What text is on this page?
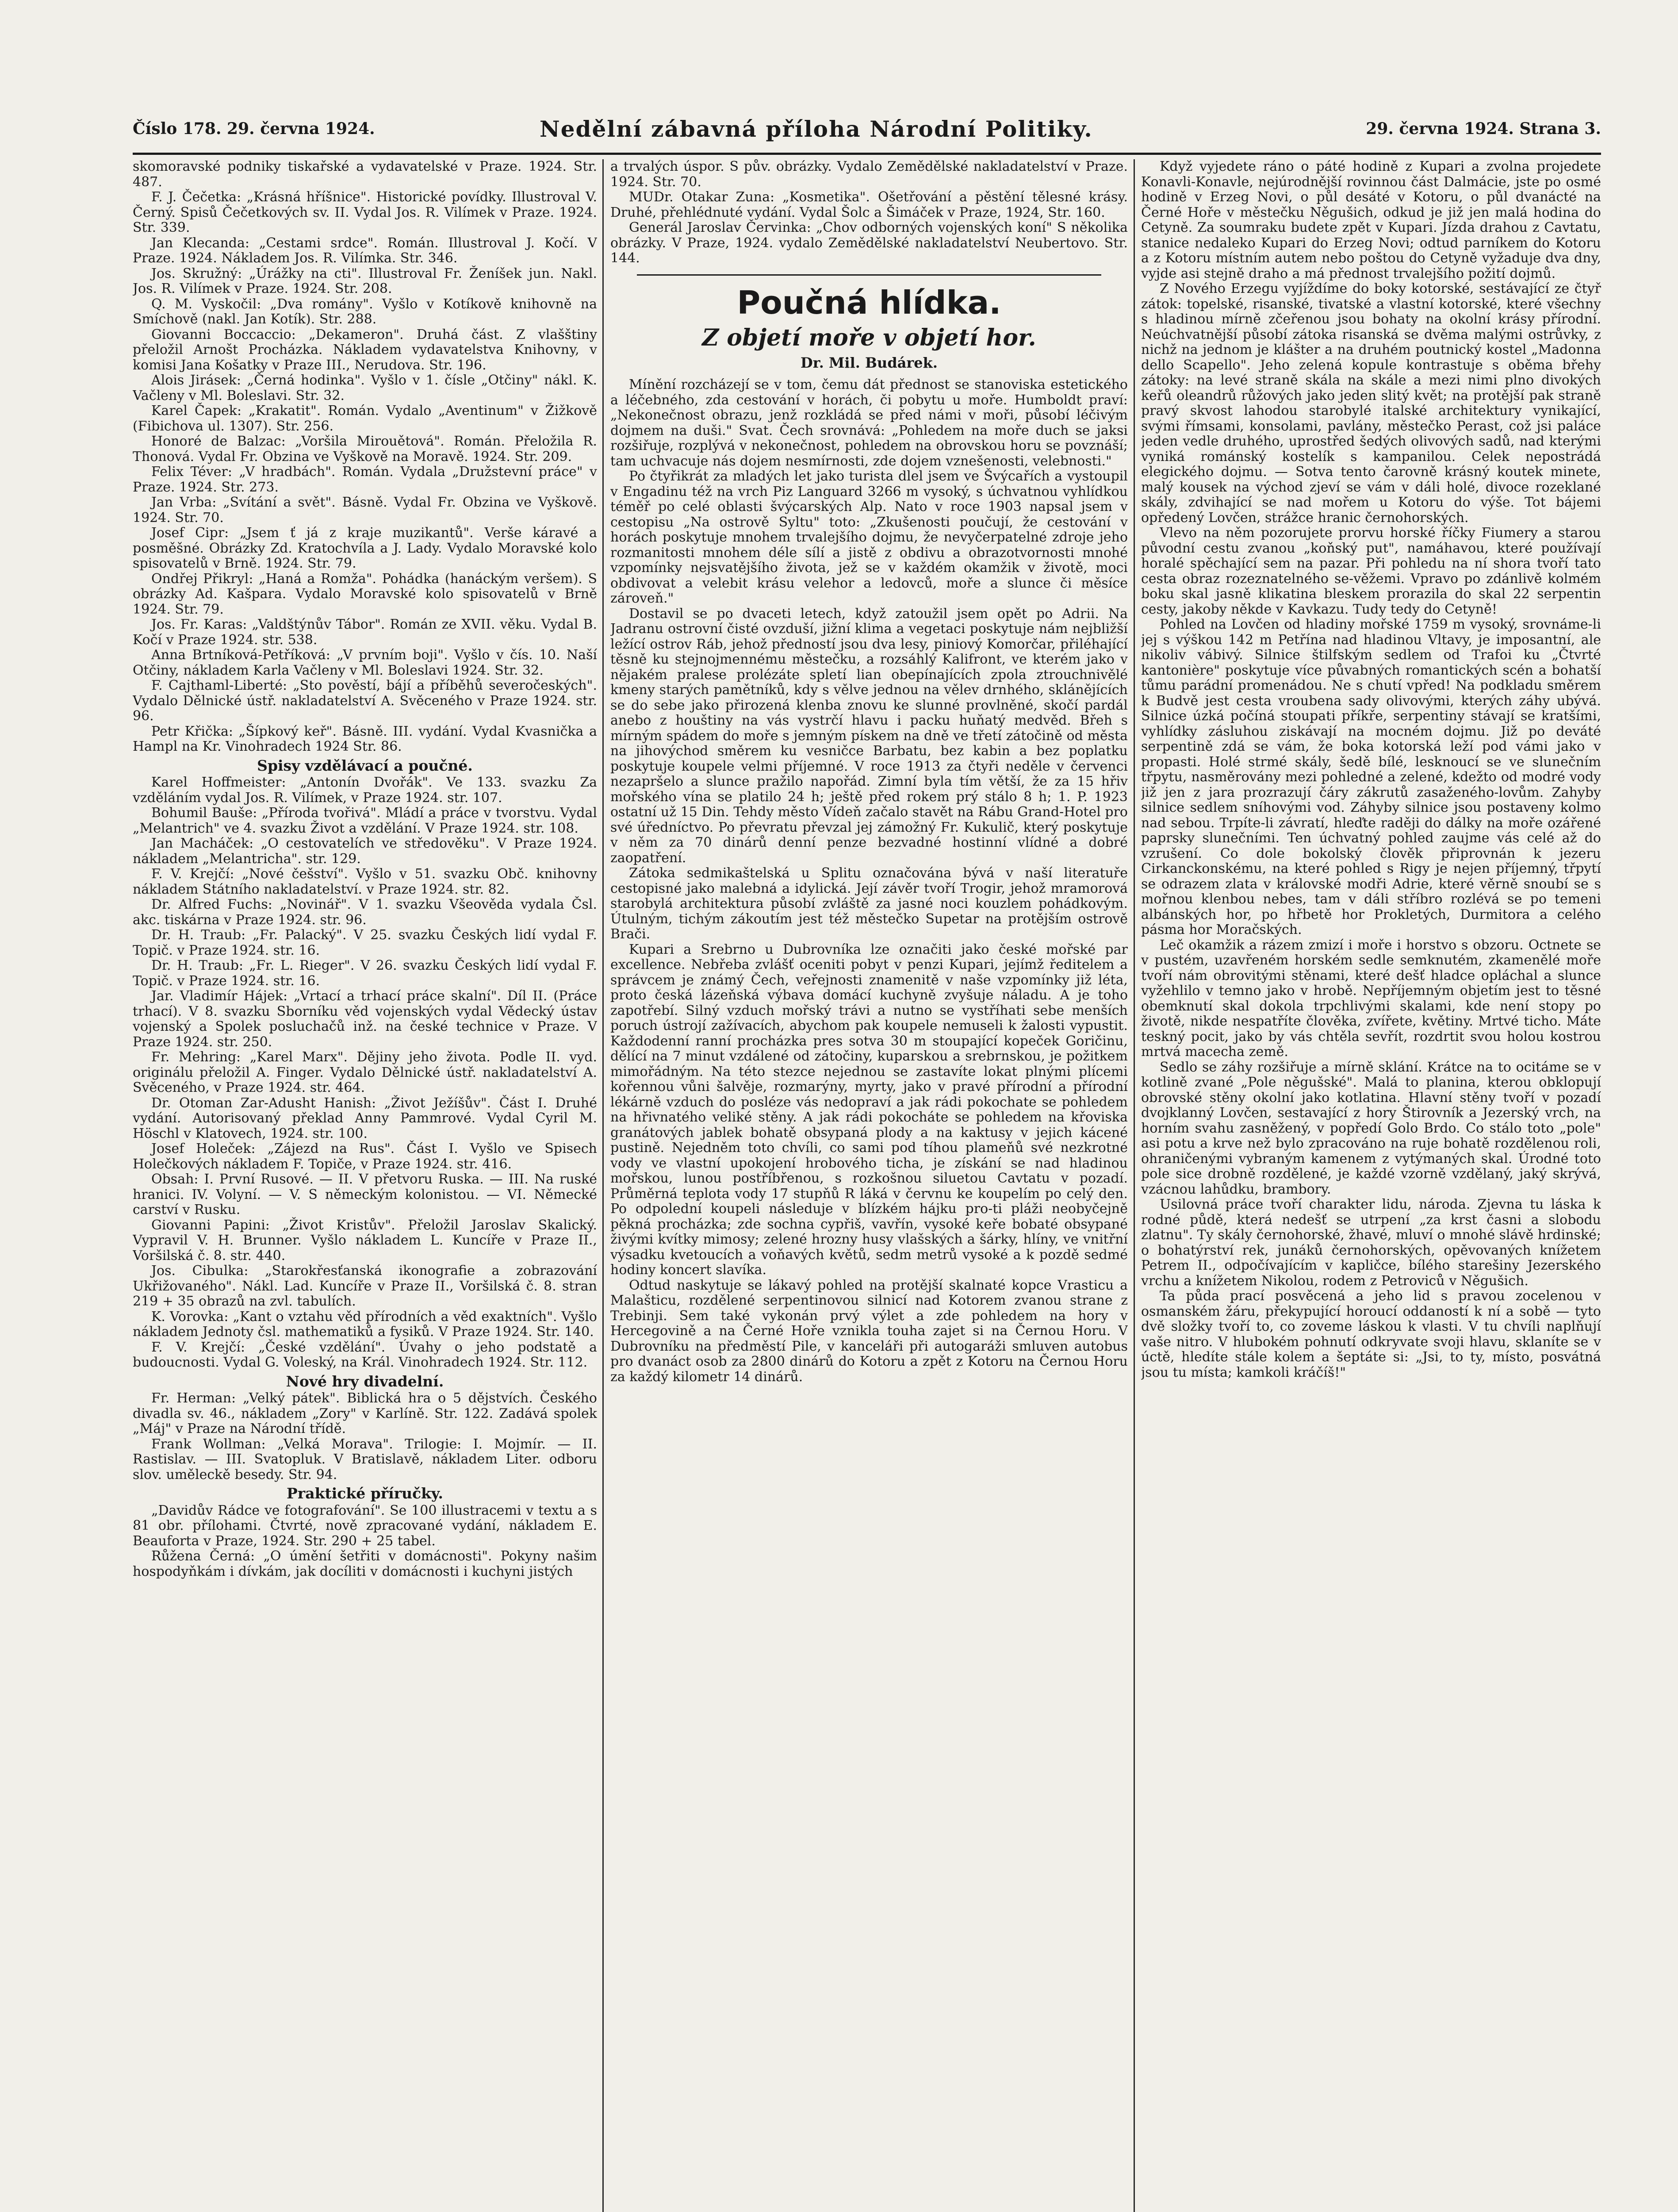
Číslo 178. 29. června 1924.	Nedělní zábavná příloha Národní Politiky.	29. června 1924. Strana 3.

skomoravské podniky tiskařské a vydavatelské v Praze. 1924. Str. 487.

F. J. Čečetka: „Krásná hříšnice". Historické povídky. Illustroval V. Černý. Spisů Čečetkových sv. II. Vydal Jos. R. Vilímek v Praze. 1924. Str. 339.

Jan Klecanda: „Cestami srdce". Román. Illustroval J. Kočí. V Praze. 1924. Nákladem Jos. R. Vilímka. Str. 346.

Jos. Skružný: „Úrážky na cti". Illustroval Fr. Ženíšek jun. Nakl. Jos. R. Vilímek v Praze. 1924. Str. 208.

Q. M. Vyskočil: „Dva romány". Vyšlo v Kotíkově knihovně na Smíchově (nakl. Jan Kotík). Str. 288.

Giovanni Boccaccio: „Dekameron". Druhá část. Z vlašštiny přeložil Arnošt Procházka. Nákladem vydavatelstva Knihovny, v komisi Jana Košatky v Praze III., Nerudova. Str. 196.

Alois Jirásek: „Černá hodinka". Vyšlo v 1. čísle „Otčiny" nákl. K. Vačleny v Ml. Boleslavi. Str. 32.

Karel Čapek: „Krakatit". Román. Vydalo „Aventinum" v Žižkově (Fibichova ul. 1307). Str. 256.

Honoré de Balzac: „Voršila Mirouětová". Román. Přeložila R. Thonová. Vydal Fr. Obzina ve Vyškově na Moravě. 1924. Str. 209.

Felix Téver: „V hradbách". Román. Vydala „Družstevní práce" v Praze. 1924. Str. 273.

Jan Vrba: „Svítání a svět". Básně. Vydal Fr. Obzina ve Vyškově. 1924. Str. 70.

Josef Cipr: „Jsem ť já z kraje muzikantů". Verše káravé a posměšné. Obrázky Zd. Kratochvíla a J. Lady. Vydalo Moravské kolo spisovatelů v Brně. 1924. Str. 79.

Ondřej Přikryl: „Haná a Romža". Pohádka (hanáckým veršem). S obrázky Ad. Kašpara. Vydalo Moravské kolo spisovatelů v Brně 1924. Str. 79.

Jos. Fr. Karas: „Valdštýnův Tábor". Román ze XVII. věku. Vydal B. Kočí v Praze 1924. str. 538.

Anna Brtníková-Petříková: „V prvním boji". Vyšlo v čís. 10. Naší Otčiny, nákladem Karla Vačleny v Ml. Boleslavi 1924. Str. 32.

F. Cajthaml-Liberté: „Sto pověstí, bájí a příběhů severočeských". Vydalo Dělnické ústř. nakladatelství A. Svěceného v Praze 1924. str. 96.

Petr Křička: „Šípkový keř". Básně. III. vydání. Vydal Kvasnička a Hampl na Kr. Vinohradech 1924 Str. 86.

Spisy vzdělávací a poučné.

Karel Hoffmeister: „Antonín Dvořák". Ve 133. svazku Za vzděláním vydal Jos. R. Vilímek, v Praze 1924. str. 107.

Bohumil Bauše: „Příroda tvořivá". Mládí a práce v tvorstvu. Vydal „Melantrich" ve 4. svazku Život a vzdělání. V Praze 1924. str. 108.

Jan Macháček: „O cestovatelích ve středověku". V Praze 1924. nákladem „Melantricha". str. 129.

F. V. Krejčí: „Nové češství". Vyšlo v 51. svazku Obč. knihovny nákladem Státního nakladatelství. v Praze 1924. str. 82.

Dr. Alfred Fuchs: „Novinář". V 1. svazku Všeověda vydala Čsl. akc. tiskárna v Praze 1924. str. 96.

Dr. H. Traub: „Fr. Palacký". V 25. svazku Českých lidí vydal F. Topič. v Praze 1924. str. 16.

Dr. H. Traub: „Fr. L. Rieger". V 26. svazku Českých lidí vydal F. Topič. v Praze 1924. str. 16.

Jar. Vladimír Hájek: „Vrtací a trhací práce skalní". Díl II. (Práce trhací). V 8. svazku Sborníku věd vojenských vydal Vědecký ústav vojenský a Spolek posluchačů inž. na české technice v Praze. V Praze 1924. str. 250.

Fr. Mehring: „Karel Marx". Dějiny jeho života. Podle II. vyd. originálu přeložil A. Finger. Vydalo Dělnické ústř. nakladatelství A. Svěceného, v Praze 1924. str. 464.

Dr. Otoman Zar-Adusht Hanish: „Život Ježíšův". Část I. Druhé vydání. Autorisovaný překlad Anny Pammrové. Vydal Cyril M. Höschl v Klatovech, 1924. str. 100.

Josef Holeček: „Zájezd na Rus". Část I. Vyšlo ve Spisech Holečkových nákladem F. Topiče, v Praze 1924. str. 416.

Obsah: I. První Rusové. — II. V přetvoru Ruska. — III. Na ruské hranici. IV. Volyní. — V. S německým kolonistou. — VI. Německé carství v Rusku.

Giovanni Papini: „Život Kristův". Přeložil Jaroslav Skalický. Vypravil V. H. Brunner. Vyšlo nákladem L. Kuncíře v Praze II., Voršilská č. 8. str. 440.

Jos. Cibulka: „Starokřesťanská ikonografie a zobrazování Ukřižovaného". Nákl. Lad. Kuncíře v Praze II., Voršilská č. 8. stran 219 + 35 obrazů na zvl. tabulích.

K. Vorovka: „Kant o vztahu věd přírodních a věd exaktních". Vyšlo nákladem Jednoty čsl. mathematiků a fysiků. V Praze 1924. Str. 140.

F. V. Krejčí: „České vzdělání". Úvahy o jeho podstatě a budoucnosti. Vydal G. Voleský, na Král. Vinohradech 1924. Str. 112.

Nové hry divadelní.

Fr. Herman: „Velký pátek". Biblická hra o 5 dějstvích. Českého divadla sv. 46., nákladem „Zory" v Karlíně. Str. 122. Zadává spolek „Máj" v Praze na Národní třídě.

Frank Wollman: „Velká Morava". Trilogie: I. Mojmír. — II. Rastislav. — III. Svatopluk. V Bratislavě, nákladem Liter. odboru slov. uměleckě besedy. Str. 94.

Praktické příručky.

„Davidův Rádce ve fotografování". Se 100 illustracemi v textu a s 81 obr. přílohami. Čtvrté, nově zpracované vydání, nákladem E. Beauforta v Praze, 1924. Str. 290 + 25 tabel.

Růžena Černá: „O úmění šetřiti v domácnosti". Pokyny našim hospodyňkám i dívkám, jak docíliti v domácnosti i kuchyni jistých

a trvalých úspor. S pův. obrázky. Vydalo Zemědělské nakladatelství v Praze. 1924. Str. 70.

MUDr. Otakar Zuna: „Kosmetika". Ošetřování a pěstění tělesné krásy. Druhé, přehlédnuté vydání. Vydal Šolc a Šimáček v Praze, 1924, Str. 160.

Generál Jaroslav Červinka: „Chov odborných vojenských koní" S několika obrázky. V Praze, 1924. vydalo Zemědělské nakladatelství Neubertovo. Str. 144.

Poučná hlídka.
Z objetí moře v objetí hor.
Dr. Mil. Budárek.

Mínění rozcházejí se v tom, čemu dát přednost se stanoviska estetického a léčebného, zda cestování v horách, či pobytu u moře. Humboldt praví: „Nekonečnost obrazu, jenž rozkládá se před námi v moři, působí léčivým dojmem na duši." Svat. Čech srovnává: „Pohledem na moře duch se jaksi rozšiřuje, rozplývá v nekonečnost, pohledem na obrovskou horu se povznáší; tam uchvacuje nás dojem nesmírnosti, zde dojem vznešenosti, velebnosti."

Po čtyřikrát za mladých let jako turista dlel jsem ve Švýcařích a vystoupil v Engadinu též na vrch Piz Languard 3266 m vysoký, s úchvatnou vyhlídkou téměř po celé oblasti švýcarských Alp. Nato v roce 1903 napsal jsem v cestopisu „Na ostrově Syltu" toto: „Zkušenosti poučují, že cestování v horách poskytuje mnohem trvalejšího dojmu, že nevyčerpatelné zdroje jeho rozmanitosti mnohem déle sílí a jistě z obdivu a obrazotvornosti mnohé vzpomínky nejsvatějšího života, jež se v každém okamžik v životě, moci obdivovat a velebit krásu velehor a ledovců, moře a slunce či měsíce zároveň."

Dostavil se po dvaceti letech, když zatoužil jsem opět po Adrii. Na Jadranu ostrovní čisté ovzduší, jižní klima a vegetaci poskytuje nám nejbližší ležící ostrov Ráb, jehož předností jsou dva lesy, piniový Komorčar, přiléhající těsně ku stejnojmennému městečku, a rozsáhlý Kalifront, ve kterém jako v nějakém pralese prolézáte spletí lian obepínajících zpola ztrouchnivělé kmeny starých pamětníků, kdy s vělve jednou na vělev drnhého, sklánějících se do sebe jako přirozená klenba znovu ke slunné provlněné, skočí pardál anebo z houštiny na vás vystrčí hlavu i packu huňatý medvěd. Břeh s mírným spádem do moře s jemným pískem na dně ve třetí zátočině od města na jihovýchod směrem ku vesničce Barbatu, bez kabin a bez poplatku poskytuje koupele velmi příjemné. V roce 1913 za čtyři neděle v červenci nezapršelo a slunce pražilo napořád. Zimní byla tím větší, že za 15 hřiv mořského vína se platilo 24 h; ještě před rokem prý stálo 8 h; 1. P. 1923 ostatní už 15 Din. Tehdy město Vídeň začalo stavět na Rábu Grand-Hotel pro své úředníctvo. Po převratu převzal jej zámožný Fr. Kukulič, který poskytuje v něm za 70 dinárů denní penze bezvadné hostinní vlídné a dobré zaopatření.

Zátoka sedmikaštelská u Splitu označována bývá v naší literatuře cestopisné jako malebná a idylická. Její závěr tvoří Trogir, jehož mramorová starobylá architektura působí zvláště za jasné noci kouzlem pohádkovým. Útulným, tichým zákoutím jest též městečko Supetar na protějším ostrově Brači.

Kupari a Srebrno u Dubrovníka lze označiti jako české mořské par excellence. Nebřeba zvlášť oceniti pobyt v penzi Kupari, jejímž ředitelem a správcem je známý Čech, veřejnosti znamenitě v naše vzpomínky již léta, proto česká lázeňská výbava domácí kuchyně zvyšuje náladu. A je toho zapotřebí. Silný vzduch mořský trávi a nutno se vystříhati sebe menších poruch ústrojí zažívacích, abychom pak koupele nemuseli k žalosti vypustit. Každodenní ranní procházka pres sotva 30 m stoupající kopeček Goričinu, dělící na 7 minut vzdálené od zátočiny, kuparskou a srebrnskou, je požitkem mimořádným. Na této stezce nejednou se zastavíte lokat plnými plícemi kořennou vůni šalvěje, rozmarýny, myrty, jako v pravé přírodní a přírodní lékárně vzduch do posléze vás nedopraví a jak rádi pokochate se pohledem na hřivnatého veliké stěny. A jak rádi pokocháte se pohledem na křoviska granátových jablek bohatě obsypaná plody a na kaktusy v jejich kácené pustině. Nejedněm toto chvíli, co sami pod tíhou plameňů své nezkrotné vody ve vlastní upokojení hrobového ticha, je získání se nad hladinou mořskou, lunou postříbřenou, s rozkošnou siluetou Cavtatu v pozadí. Průměrná teplota vody 17 stupňů R láká v červnu ke koupelím po celý den. Po odpolední koupeli následuje v blízkém hájku pro-ti pláži neobyčejně pěkná procházka; zde sochna cypřiš, vavřín, vysoké keře bobaté obsypané živými kvítky mimosy; zelené hrozny husy vlašských a šárky, hlíny, ve vnitřní výsadku kvetoucích a voňavých květů, sedm metrů vysoké a k pozdě sedmé hodiny koncert slavíka.

Odtud naskytuje se lákavý pohled na protější skalnaté kopce Vrasticu a Malašticu, rozdělené serpentinovou silnicí nad Kotorem zvanou strane z Trebinji. Sem také vykonán prvý výlet a zde pohledem na hory v Hercegovině a na Černé Hoře vznikla touha zajet si na Černou Horu. V Dubrovníku na předměstí Pile, v kanceláři při autogaráži smluven autobus pro dvanáct osob za 2800 dinárů do Kotoru a zpět z Kotoru na Černou Horu za každý kilometr 14 dinárů.

Když vyjedete ráno o páté hodině z Kupari a zvolna projedete Konavli-Konavle, nejúrodnější rovinnou část Dalmácie, jste po osmé hodině v Erzeg Novi, o půl desáté v Kotoru, o půl dvanácté na Černé Hoře v městečku Něgušich, odkud je již jen malá hodina do Cetyně. Za soumraku budete zpět v Kupari. Jízda drahou z Cavtatu, stanice nedaleko Kupari do Erzeg Novi; odtud parníkem do Kotoru a z Kotoru místním autem nebo poštou do Cetyně vyžaduje dva dny, vyjde asi stejně draho a má přednost trvalejšího požití dojmů.

Z Nového Erzegu vyjíždíme do boky kotorské, sestávající ze čtyř zátok: topelské, risanské, tivatské a vlastní kotorské, které všechny s hladinou mírně zčeřenou jsou bohaty na okolní krásy přírodní. Neúchvatnější působí zátoka risanská se dvěma malými ostrůvky, z nichž na jednom je klášter a na druhém poutnický kostel „Madonna dello Scapello". Jeho zelená kopule kontrastuje s oběma břehy zátoky: na levé straně skála na skále a mezi nimi plno divokých keřů oleandrů růžových jako jeden slitý květ; na protější pak straně pravý skvost lahodou starobylé italské architektury vynikající, svými římsami, konsolami, pavlány, městečko Perast, což jsi paláce jeden vedle druhého, uprostřed šedých olivových sadů, nad kterými vyniká románský kostelík s kampanilou. Celek nepostrádá elegického dojmu. — Sotva tento čarovně krásný koutek minete, malý kousek na východ zjeví se vám v dáli holé, divoce rozeklané skály, zdvihající se nad mořem u Kotoru do výše. Tot bájemi opředený Lovčen, strážce hranic černohorských.

Vlevo na něm pozorujete prorvu horské říčky Fiumery a starou původní cestu zvanou „koňský put", namáhavou, které používají horalé spěchající sem na pazar. Při pohledu na ní shora tvoří tato cesta obraz rozeznatelného se-věžemi. Vpravo po zdánlivě kolmém boku skal jasně klikatina bleskem prorazila do skal 22 serpentin cesty, jakoby někde v Kavkazu. Tudy tedy do Cetyně!

Pohled na Lovčen od hladiny mořské 1759 m vysoký, srovnáme-li jej s výškou 142 m Petřína nad hladinou Vltavy, je imposantní, ale nikoliv vábivý. Silnice štilfským sedlem od Trafoi ku „Čtvrté kantonière" poskytuje více půvabných romantických scén a bohatší tůmu parádní promenádou. Ne s chutí vpřed! Na podkladu směrem k Budvě jest cesta vroubena sady olivovými, kterých záhy ubývá. Silnice úzká počíná stoupati příkře, serpentiny stávají se kratšími, vyhlídky zásluhou ziskávají na mocném dojmu. Již po deváté serpentině zdá se vám, že boka kotorská leží pod vámi jako v propasti. Holé strmé skály, šedě bílé, lesknoucí se ve slunečním třpytu, nasměrovány mezi pohledné a zelené, kdežto od modré vody již jen z jara prozrazují čáry zákrutů zasaženého-lovům. Zahyby silnice sedlem sníhovými vod. Záhyby silnice jsou postaveny kolmo nad sebou. Trpíte-li závratí, hleďte raději do dálky na moře ozářené paprsky slunečními. Ten úchvatný pohled zaujme vás celé až do vzrušení. Co dole bokolský člověk připrovnán k jezeru Cirkanckonskému, na které pohled s Rigy je nejen příjemný, třpytí se odrazem zlata v královské modři Adrie, které věrně snoubí se s mořnou klenbou nebes, tam v dáli stříbro rozlévá se po temeni albánských hor, po hřbetě hor Prokletých, Durmitora a celého pásma hor Moračských.

Leč okamžik a rázem zmizí i moře i horstvo s obzoru. Octnete se v pustém, uzavřeném horském sedle semknutém, zkamenělé moře tvoří nám obrovitými stěnami, které dešť hladce opláchal a slunce vyžehlilo v temno jako v hrobě. Nepříjemným objetím jest to těsné obemknutí skal dokola trpchlivými skalami, kde není stopy po životě, nikde nespatříte člověka, zvířete, květiny. Mrtvé ticho. Máte teskný pocit, jako by vás chtěla sevřít, rozdrtit svou holou kostrou mrtvá macecha země.

Sedlo se záhy rozšiřuje a mírně sklání. Krátce na to ocitáme se v kotlině zvané „Pole něgušské". Malá to planina, kterou obklopují obrovské stěny okolní jako kotlatina. Hlavní stěny tvoří v pozadí dvojklanný Lovčen, sestavající z hory Štirovník a Jezerský vrch, na horním svahu zasněžený, v popředí Golo Brdo. Co stálo toto „pole" asi potu a krve než bylo zpracováno na ruje bohatě rozdělenou roli, ohraničenými vybraným kamenem z vytýmaných skal. Úrodné toto pole sice drobně rozdělené, je každé vzorně vzdělaný, jaký skrývá, vzácnou lahůdku, brambory.

Usilovná práce tvoří charakter lidu, národa. Zjevna tu láska k rodné půdě, která nedešť se utrpení „za krst časni a slobodu zlatnu". Ty skály černohorské, žhavé, mluví o mnohé slávě hrdinské; o bohatýrství rek, junáků černohorských, opěvovaných knížetem Petrem II., odpočívajícím v kapličce, bílého starešiny Jezerského vrchu a knížetem Nikolou, rodem z Petroviců v Něgušich.

Ta půda prací posvěcená a jeho lid s pravou zocelenou v osmanském žáru, překypující horoucí oddaností k ní a sobě — tyto dvě složky tvoří to, co zoveme láskou k vlasti. V tu chvíli naplňují vaše nitro. V hlubokém pohnutí odkryvate svoji hlavu, sklaníte se v úctě, hledíte stále kolem a šeptáte si: „Jsi, to ty, místo, posvátná jsou tu místa; kamkoli kráčíš!"
